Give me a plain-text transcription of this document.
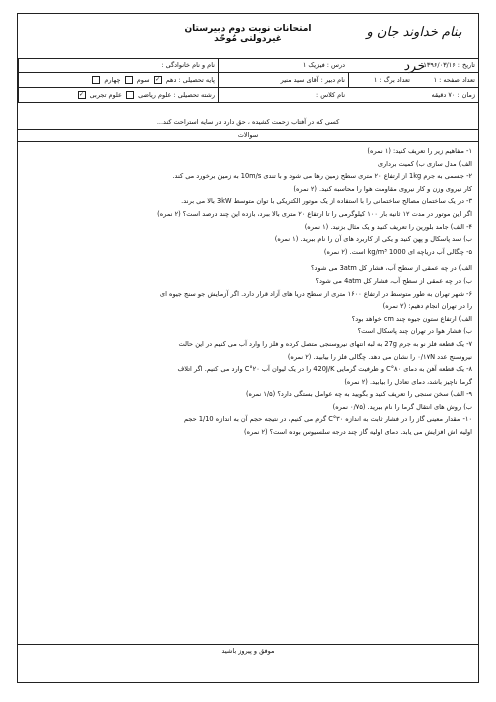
بنام خداوند جان و خرد
امتحانات نوبت دوم دبیرستان غیردولتی مُوحّد
نام و نام خانوادگی :	درس : فیزیک ۱	تاریخ : ۱۳۹۶/۰۳/۱۶
پایه تحصیلی : دهم ✓ سوم  چهارم	نام دبیر : آقای سید منیر	تعداد برگ : ۱	تعداد صفحه : ۱
رشته تحصیلی : علوم ریاضی  علوم تجربی ✓	نام کلاس :	زمان : ۷۰ دقیقه
کسی که در آفتاب زحمت کشیده ، حق دارد در سایه استراحت کند...
سوالات
۱- مفاهیم زیر را تعریف کنید: (۱ نمره)
الف) مدل سازی ب) کمیت برداری
۲- جسمی به جرم 1kg از ارتفاع ۲۰ متری سطح زمین رها می شود و با تندی 10m/s به زمین برخورد می کند.
کار نیروی وزن و کار نیروی مقاومت هوا را محاسبه کنید. (۲ نمره)
۳- در یک ساختمان مصالح ساختمانی را با استفاده از یک موتور الکتریکی با توان متوسط 3kW بالا می برند.
اگر این موتور در مدت ۱۲ ثانیه بار ۱۰۰ کیلوگرمی را تا ارتفاع ۲۰ متری بالا ببرد، بازده این چند درصد است؟ (۲ نمره)
۴- الف) جامد بلورین را تعریف کنید و یک مثال بزنید. (۱ نمره)
ب) سد پاسکال و پهن کنید و یکی از کاربرد های آن را نام ببرید. (۱ نمره)
۵- چگالی آب دریاچه ای 1000 kg/m³ است. (۲ نمره)
الف) در چه عمقی از سطح آب، فشار کل 3atm می شود؟
ب) در چه عمقی از سطح آب، فشار کل 4atm می شود؟
۶- شهر تهران به طور متوسط در ارتفاع ۱۶۰۰ متری از سطح دریا های آزاد قرار دارد. اگر آزمایش جو سنج جیوه ای
را در تهران انجام دهیم: (۲ نمره)
الف) ارتفاع ستون جیوه چند cm خواهد بود؟
ب) فشار هوا در تهران چند پاسکال است؟
۷- یک قطعه فلز نو به جرم 27g به لبه انتهای نیروسنجی متصل کرده و فلز را وارد آب می کنیم در این حالت
نیروسنج عدد ۰/۱۷N را نشان می دهد. چگالی فلز را بیابید. (۲ نمره)
۸- یک قطعه آهن به دمای ۸۰°C و ظرفیت گرمایی 420J/K را در یک لیوان آب ۲۰°C وارد می کنیم. اگر اتلاف
گرما ناچیز باشد، دمای تعادل را بیابید. (۲ نمره)
۹- الف) سخن سنجی را تعریف کنید و بگویید به چه عوامل بستگی دارد؟ (۱/۵ نمره)
ب) روش های انتقال گرما را نام ببرید. (۰/۷۵ نمره)
۱۰- مقدار معینی گاز را در فشار ثابت به اندازه ۳۰°C گرم می کنیم، در نتیجه حجم آن به اندازه 1/10 حجم
اولیه اش افزایش می یابد. دمای اولیه گاز چند درجه سلسیوس بوده است؟ (۲ نمره)
موفق و پیروز باشید
